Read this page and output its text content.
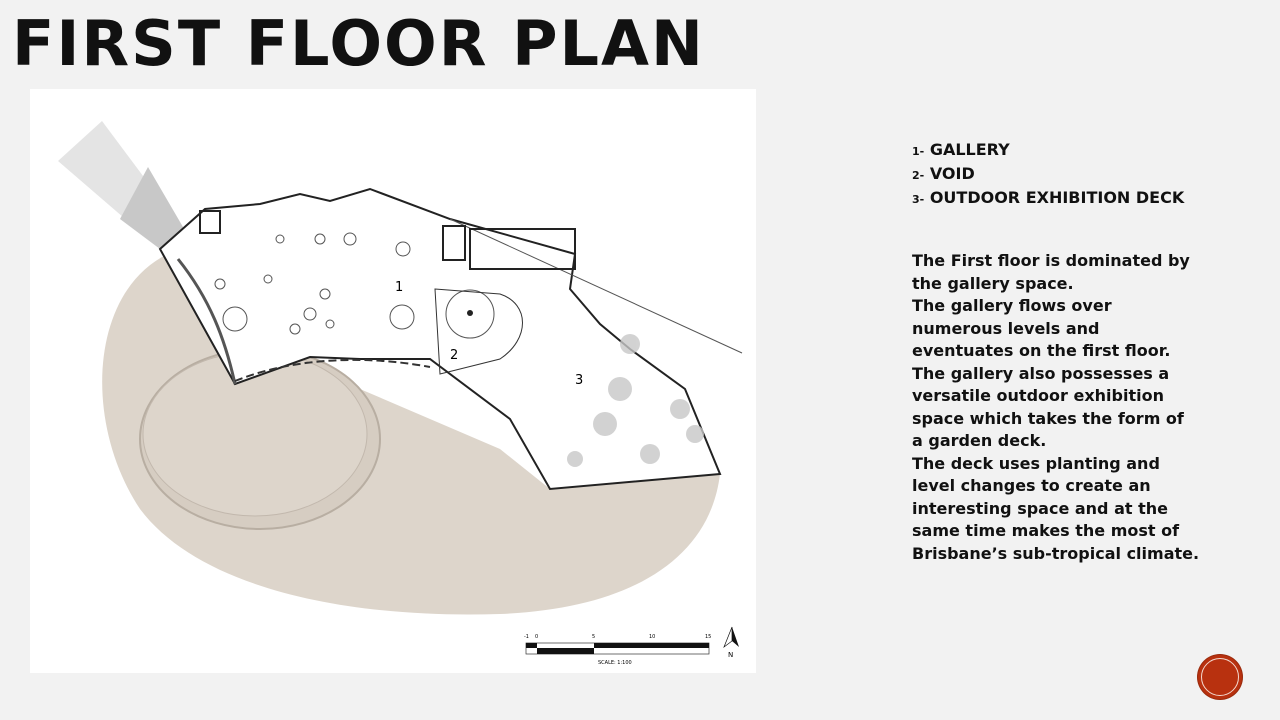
FIRST FLOOR PLAN
1
2
3
-1 0	5	10	15
SCALE: 1:100
N
1- GALLERY
2- VOID
3- OUTDOOR EXHIBITION DECK
The First floor is dominated by
the gallery space.
The gallery flows over
numerous levels and
eventuates on the first floor.
The gallery also possesses a
versatile outdoor exhibition
space which takes the form of
a garden deck.
The deck uses planting and
level changes to create an
interesting space and at the
same time makes the most of
Brisbane’s sub-tropical climate.
